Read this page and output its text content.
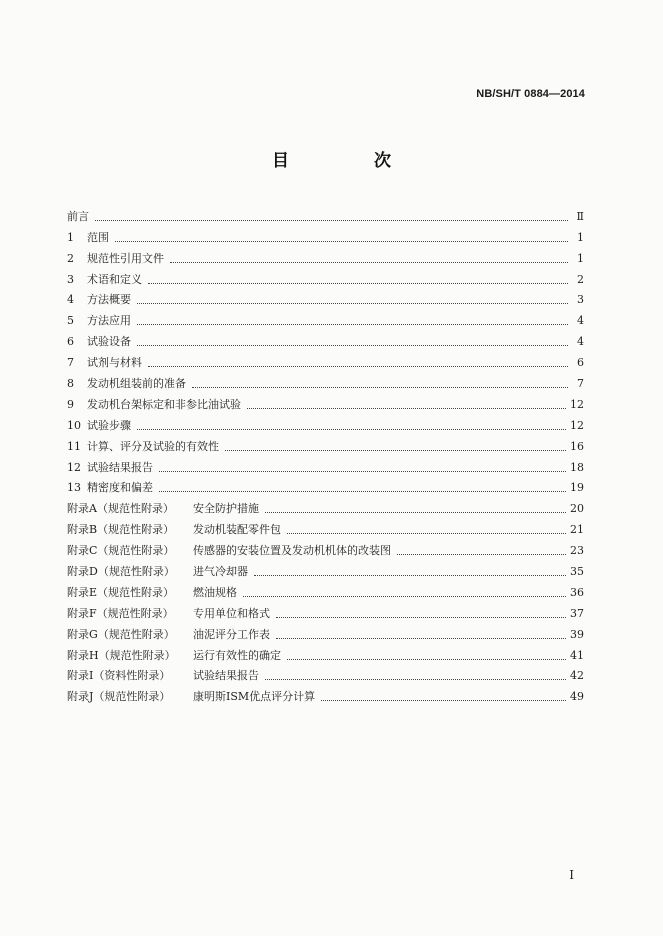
NB/SH/T 0884—2014
目　次
前言	Ⅱ
1	范围	1
2	规范性引用文件	1
3	术语和定义	2
4	方法概要	3
5	方法应用	4
6	试验设备	4
7	试剂与材料	6
8	发动机组装前的准备	7
9	发动机台架标定和非参比油试验	12
10 试验步骤	12
11 计算、评分及试验的有效性	16
12 试验结果报告	18
13 精密度和偏差	19
附录A（规范性附录）	安全防护措施	20
附录B（规范性附录）	发动机装配零件包	21
附录C（规范性附录）	传感器的安装位置及发动机机体的改装图	23
附录D（规范性附录）	进气冷却器	35
附录E（规范性附录）	燃油规格	36
附录F（规范性附录）	专用单位和格式	37
附录G（规范性附录）	油泥评分工作表	39
附录H（规范性附录）	运行有效性的确定	41
附录I（资料性附录）	试验结果报告	42
附录J（规范性附录）	康明斯ISM优点评分计算	49
I
